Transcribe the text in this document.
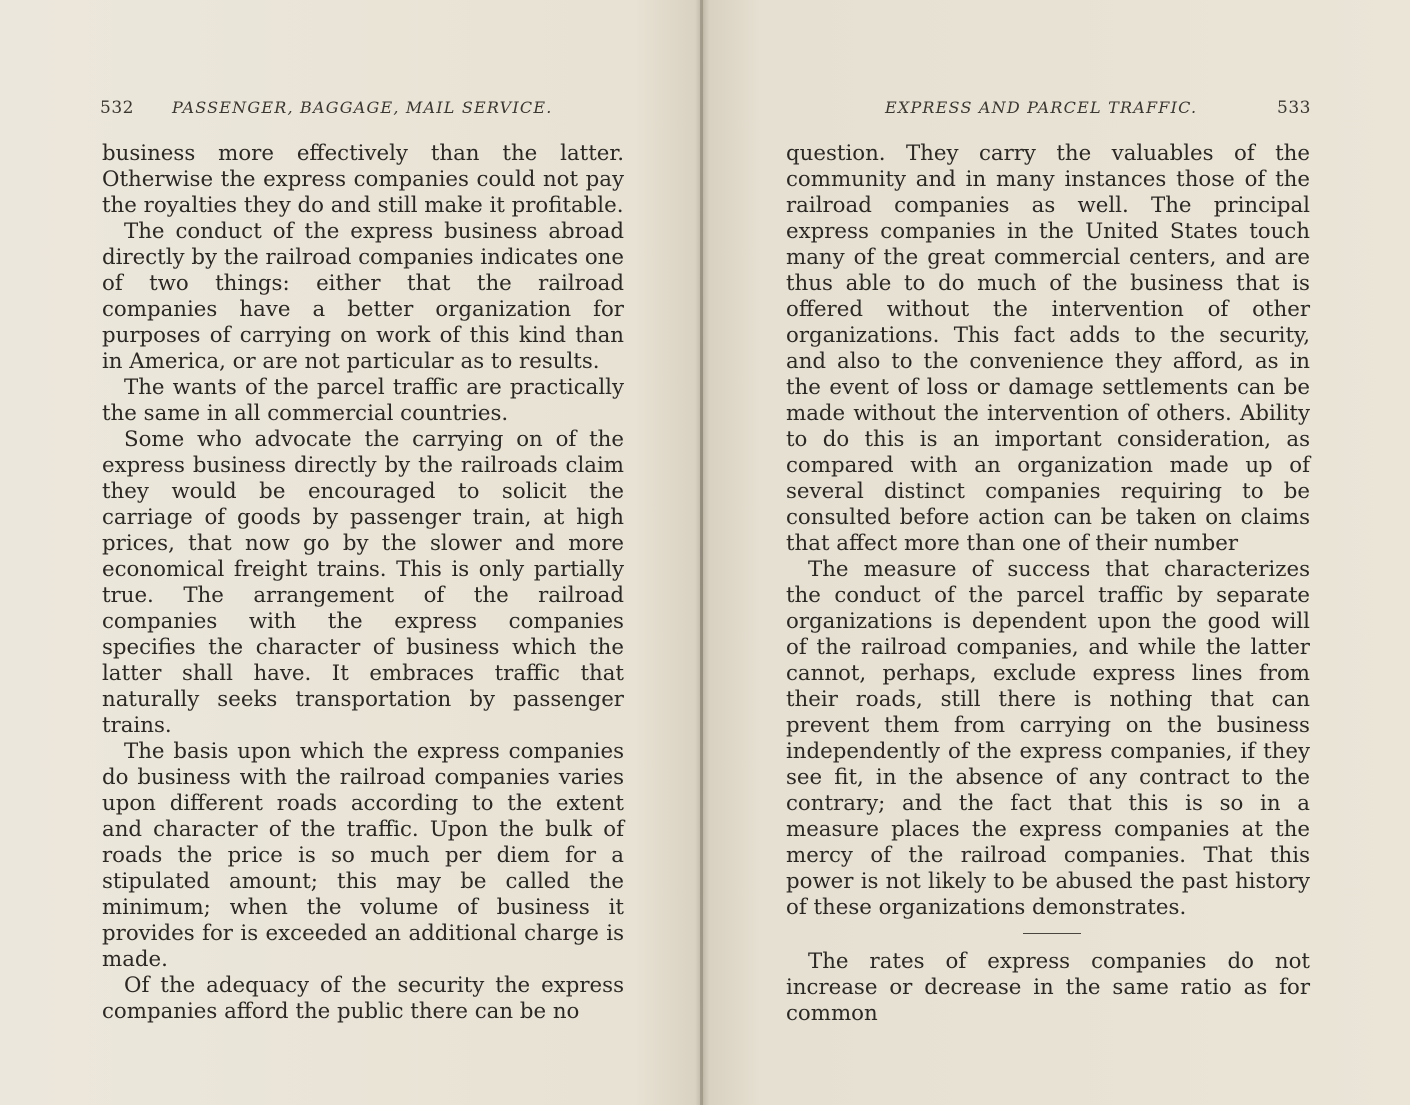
532 PASSENGER, BAGGAGE, MAIL SERVICE.

business more effectively than the latter. Otherwise the express companies could not pay the royalties they do and still make it profitable.

The conduct of the express business abroad directly by the railroad companies indicates one of two things: either that the railroad companies have a better organization for purposes of carrying on work of this kind than in America, or are not particular as to results.

The wants of the parcel traffic are practically the same in all commercial countries.

Some who advocate the carrying on of the express business directly by the railroads claim they would be encouraged to solicit the carriage of goods by passenger train, at high prices, that now go by the slower and more economical freight trains. This is only partially true. The arrangement of the railroad companies with the express companies specifies the character of business which the latter shall have. It embraces traffic that naturally seeks transportation by passenger trains.

The basis upon which the express companies do business with the railroad companies varies upon different roads according to the extent and character of the traffic. Upon the bulk of roads the price is so much per diem for a stipulated amount; this may be called the minimum; when the volume of business it provides for is exceeded an additional charge is made.

Of the adequacy of the security the express companies afford the public there can be no

EXPRESS AND PARCEL TRAFFIC.	533

question. They carry the valuables of the community and in many instances those of the railroad companies as well. The principal express companies in the United States touch many of the great commercial centers, and are thus able to do much of the business that is offered without the intervention of other organizations. This fact adds to the security, and also to the convenience they afford, as in the event of loss or damage settlements can be made without the intervention of others. Ability to do this is an important consideration, as compared with an organization made up of several distinct companies requiring to be consulted before action can be taken on claims that affect more than one of their number

The measure of success that characterizes the conduct of the parcel traffic by separate organizations is dependent upon the good will of the railroad companies, and while the latter cannot, perhaps, exclude express lines from their roads, still there is nothing that can prevent them from carrying on the business independently of the express companies, if they see fit, in the absence of any contract to the contrary; and the fact that this is so in a measure places the express companies at the mercy of the railroad companies. That this power is not likely to be abused the past history of these organizations demonstrates.

The rates of express companies do not increase or decrease in the same ratio as for common
